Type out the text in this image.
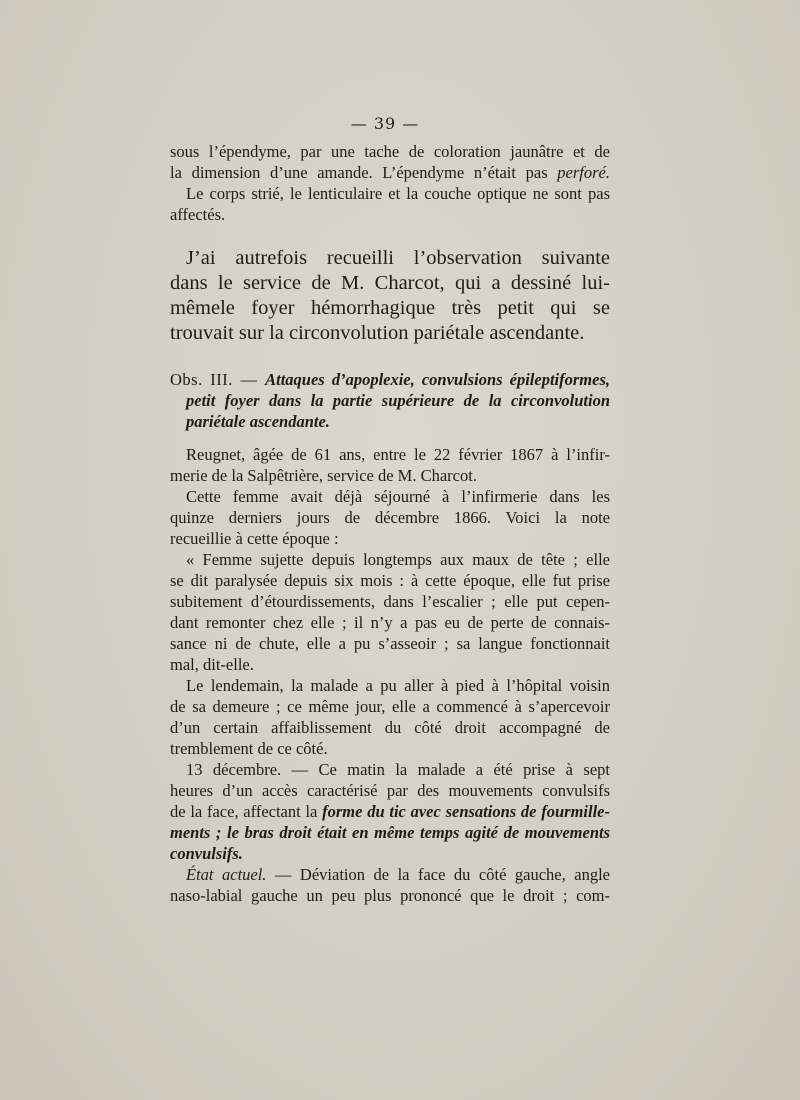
— 39 —
sous l’épendyme, par une tache de coloration jaunâtre et de
la dimension d’une amande. L’épendyme n’était pas perforé.
Le corps strié, le lenticulaire et la couche optique ne sont pas
affectés.
J’ai autrefois recueilli l’observation suivante
dans le service de M. Charcot, qui a dessiné lui-
mêmele foyer hémorrhagique très petit qui se
trouvait sur la circonvolution pariétale ascendante.
Obs. III. — Attaques d’apoplexie, convulsions épileptiformes,
petit foyer dans la partie supérieure de la circonvolution
pariétale ascendante.
Reugnet, âgée de 61 ans, entre le 22 février 1867 à l’infir-
merie de la Salpêtrière, service de M. Charcot.
Cette femme avait déjà séjourné à l’infirmerie dans les
quinze derniers jours de décembre 1866. Voici la note
recueillie à cette époque :
« Femme sujette depuis longtemps aux maux de tête ; elle
se dit paralysée depuis six mois : à cette époque, elle fut prise
subitement d’étourdissements, dans l’escalier ; elle put cepen-
dant remonter chez elle ; il n’y a pas eu de perte de connais-
sance ni de chute, elle a pu s’asseoir ; sa langue fonctionnait
mal, dit-elle.
Le lendemain, la malade a pu aller à pied à l’hôpital voisin
de sa demeure ; ce même jour, elle a commencé à s’apercevoir
d’un certain affaiblissement du côté droit accompagné de
tremblement de ce côté.
13 décembre. — Ce matin la malade a été prise à sept
heures d’un accès caractérisé par des mouvements convulsifs
de la face, affectant la forme du tic avec sensations de fourmille-
ments ; le bras droit était en même temps agité de mouvements
convulsifs.
État actuel. — Déviation de la face du côté gauche, angle
naso-labial gauche un peu plus prononcé que le droit ; com-
